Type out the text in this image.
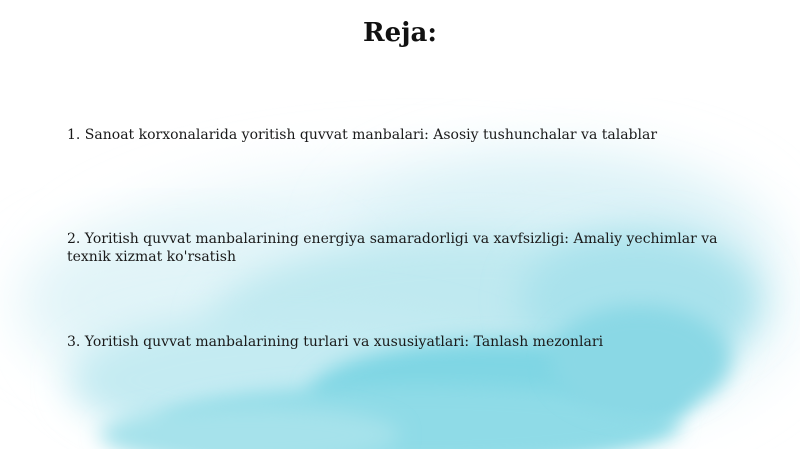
Reja:

1. Sanoat korxonalarida yoritish quvvat manbalari: Asosiy tushunchalar va talablar

2. Yoritish quvvat manbalarining energiya samaradorligi va xavfsizligi: Amaliy yechimlar va texnik xizmat ko'rsatish

3. Yoritish quvvat manbalarining turlari va xususiyatlari: Tanlash mezonlari
